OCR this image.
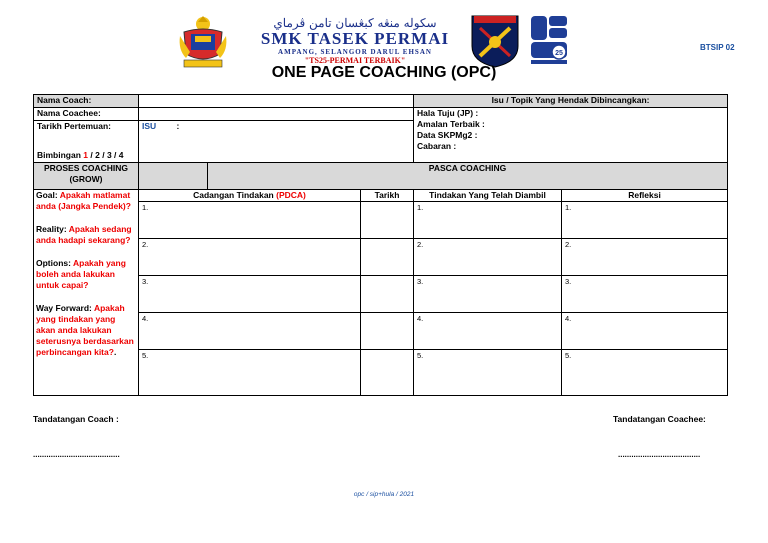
سکوله منڠه كبڠسان تامن ڤرماي
SMK TASEK PERMAI
AMPANG, SELANGOR DARUL EHSAN
"TS25-PERMAI TERBAIK"
25
BTSIP 02
ONE PAGE COACHING (OPC)
Nama Coach:				Isu / Topik Yang Hendak Dibincangkan:	
Nama Coachee:				Hala Tuju (JP) :
Amalan Terbaik :
Data SKPMg2 :
Cabaran :	

Tarikh Pertemuan:
Bimbingan 1 / 2 / 3 / 4	ISU :				
PROSES COACHING (GROW)		PASCA COACHING			

Goal: Apakah matlamat anda (Jangka Pendek)?
Reality: Apakah sedang anda hadapi sekarang?
Options: Apakah yang boleh anda lakukan untuk capai?
Way Forward: Apakah yang tindakan yang akan anda lakukan seterusnya berdasarkan perbincangan kita?.	Cadangan Tindakan (PDCA)		Tarikh	Tindakan Yang Telah Diambil	Refleksi
	1.			1.	1.
	2.			2.	2.
	3.			3.	3.
	4.			4.	4.
	5.			5.	5.
Tandatangan Coach :	Tandatangan Coachee:
.......................................	.....................................
opc / sip+hula / 2021
